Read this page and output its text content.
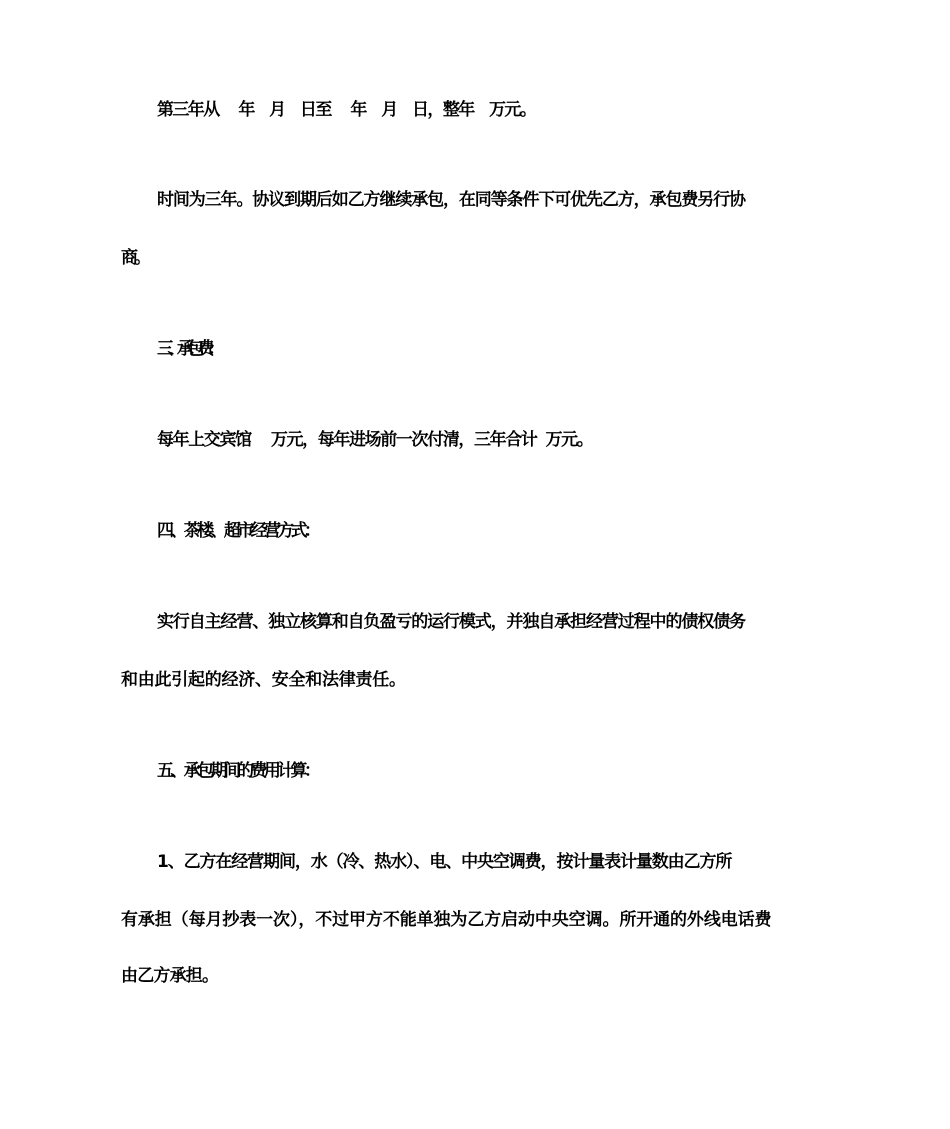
第三年从　 年　月　日至　 年　月　日，整年　万元。
时间为三年。协议到期后如乙方继续承包，在同等条件下可优先乙方，承包费另行协
商。
三、 承包费：
每年上交宾馆　 万元，每年进场前一次付清，三年合计  万元。
四、茶楼、超市经营方式：
实行自主经营、独立核算和自负盈亏的运行模式，并独自承担经营过程中的债权债务
和由此引起的经济、安全和法律责任。
五、承包期间的费用计算：
1、乙方在经营期间，水（冷、热水）、电、中央空调费，按计量表计量数由乙方所
有承担（每月抄表一次），不过甲方不能单独为乙方启动中央空调。所开通的外线电话费
由乙方承担。
